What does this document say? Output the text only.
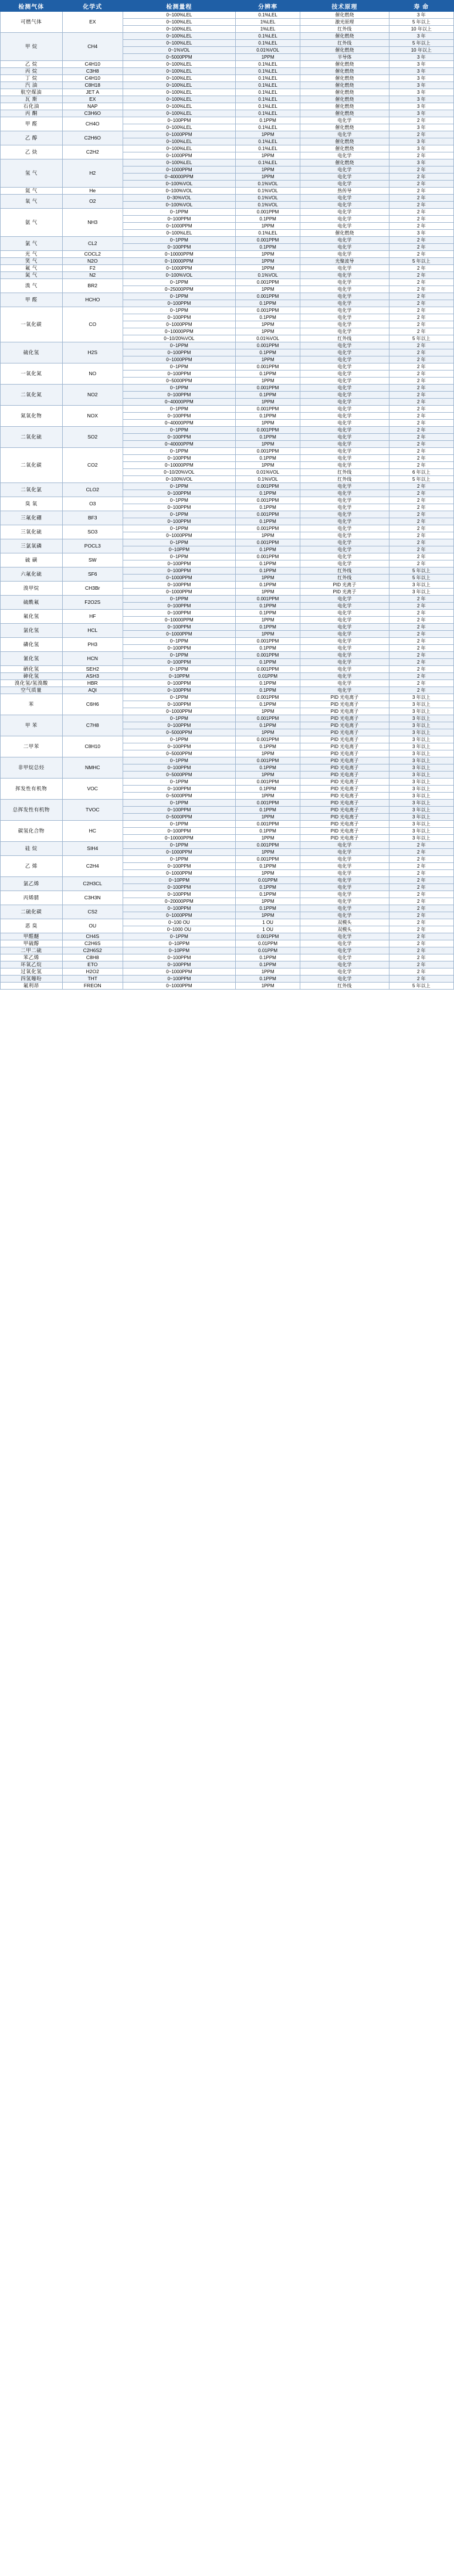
检测气体	化学式	检测量程	分辨率	技术原理	寿 命
可燃气体	EX	0~100%LEL	0.1%LEL	催化燃烧	3 年
		0~100%LEL	1%LEL	激光原理	5 年以上
		0~100%LEL	1%LEL	红外线	10 年以上
甲 烷	CH4	0~100%LEL	0.1%LEL	催化燃烧	3 年
		0~100%LEL	0.1%LEL	红外线	5 年以上
		0~1%VOL	0.01%VOL	催化燃烧	10 年以上
		0~5000PPM	1PPM	半导体	3 年
乙 烷	C4H10	0~100%LEL	0.1%LEL	催化燃烧	3 年
丙 烷	C3H8	0~100%LEL	0.1%LEL	催化燃烧	3 年
丁 烷	C4H10	0~100%LEL	0.1%LEL	催化燃烧	3 年
汽 油	C8H18	0~100%LEL	0.1%LEL	催化燃烧	3 年
航空煤油	JET A	0~100%LEL	0.1%LEL	催化燃烧	3 年
瓦 斯	EX	0~100%LEL	0.1%LEL	催化燃烧	3 年
石化油	NAP	0~100%LEL	0.1%LEL	催化燃烧	3 年
丙 酮	C3H6O	0~100%LEL	0.1%LEL	催化燃烧	3 年
甲 醛	CH4O	0~100PPM	0.1PPM	电化学	2 年
		0~100%LEL	0.1%LEL	催化燃烧	3 年
乙 醇	C2H6O	0~1000PPM	1PPM	电化学	2 年
		0~100%LEL	0.1%LEL	催化燃烧	3 年
乙 炔	C2H2	0~100%LEL	0.1%LEL	催化燃烧	3 年
		0~1000PPM	1PPM	电化学	2 年
氢 气	H2	0~100%LEL	0.1%LEL	催化燃烧	3 年
		0~1000PPM	1PPM	电化学	2 年
		0~40000PPM	1PPM	电化学	2 年
		0~100%VOL	0.1%VOL	电化学	2 年
氦 气	He	0~100%VOL	0.1%VOL	热传导	2 年
氧 气	O2	0~30%VOL	0.1%VOL	电化学	2 年
		0~100%VOL	0.1%VOL	电化学	2 年
氨 气	NH3	0~1PPM	0.001PPM	电化学	2 年
		0~100PPM	0.1PPM	电化学	2 年
		0~1000PPM	1PPM	电化学	2 年
		0~100%LEL	0.1%LEL	催化燃烧	3 年
氯 气	CL2	0~1PPM	0.001PPM	电化学	2 年
		0~100PPM	0.1PPM	电化学	2 年
光 气	COCL2	0~10000PPM	1PPM	电化学	2 年
笑 气	N2O	0~10000PPM	1PPM	光聚波导	5 年以上
氟 气	F2	0~1000PPM	1PPM	电化学	2 年
氮 气	N2	0~100%VOL	0.1%VOL	电化学	2 年
溴 气	BR2	0~1PPM	0.001PPM	电化学	2 年
		0~25000PPM	1PPM	电化学	2 年
甲 醛	HCHO	0~1PPM	0.001PPM	电化学	2 年
		0~100PPM	0.1PPM	电化学	2 年
一氧化碳	CO	0~1PPM	0.001PPM	电化学	2 年
		0~100PPM	0.1PPM	电化学	2 年
		0~1000PPM	1PPM	电化学	2 年
		0~10000PPM	1PPM	电化学	2 年
		0~10/20%VOL	0.01%VOL	红外线	5 年以上
硫化氢	H2S	0~1PPM	0.001PPM	电化学	2 年
		0~100PPM	0.1PPM	电化学	2 年
		0~1000PPM	1PPM	电化学	2 年
一氧化氮	NO	0~1PPM	0.001PPM	电化学	2 年
		0~100PPM	0.1PPM	电化学	2 年
		0~5000PPM	1PPM	电化学	2 年
二氧化氮	NO2	0~1PPM	0.001PPM	电化学	2 年
		0~100PPM	0.1PPM	电化学	2 年
		0~40000PPM	1PPM	电化学	2 年
氮氧化物	NOX	0~1PPM	0.001PPM	电化学	2 年
		0~100PPM	0.1PPM	电化学	2 年
		0~40000PPM	1PPM	电化学	2 年
二氧化硫	SO2	0~1PPM	0.001PPM	电化学	2 年
		0~100PPM	0.1PPM	电化学	2 年
		0~40000PPM	1PPM	电化学	2 年
二氧化碳	CO2	0~1PPM	0.001PPM	电化学	2 年
		0~100PPM	0.1PPM	电化学	2 年
		0~10000PPM	1PPM	电化学	2 年
		0~10/20%VOL	0.01%VOL	红外线	6 年以上
		0~100%VOL	0.1%VOL	红外线	5 年以上
二氧化氯	CLO2	0~1PPM	0.001PPM	电化学	2 年
		0~100PPM	0.1PPM	电化学	2 年
臭 氧	O3	0~1PPM	0.001PPM	电化学	2 年
		0~100PPM	0.1PPM	电化学	2 年
三氟化硼	BF3	0~1PPM	0.001PPM	电化学	2 年
		0~100PPM	0.1PPM	电化学	2 年
三氧化硫	SO3	0~1PPM	0.001PPM	电化学	2 年
		0~1000PPM	1PPM	电化学	2 年
三氯氧磷	POCL3	0~1PPM	0.001PPM	电化学	2 年
		0~10PPM	0.1PPM	电化学	2 年
硫 磺	SW	0~1PPM	0.001PPM	电化学	2 年
		0~100PPM	0.1PPM	电化学	2 年
六氟化硫	SF6	0~100PPM	0.1PPM	红外线	5 年以上
		0~1000PPM	1PPM	红外线	5 年以上
溴甲烷	CH3Br	0~100PPM	0.1PPM	PID 光离子	3 年以上
		0~1000PPM	1PPM	PID 光离子	3 年以上
硫酰氟	F2O2S	0~1PPM	0.001PPM	电化学	2 年
		0~100PPM	0.1PPM	电化学	2 年
氟化氢	HF	0~100PPM	0.1PPM	电化学	2 年
		0~10000PPM	1PPM	电化学	2 年
氯化氢	HCL	0~100PPM	0.1PPM	电化学	2 年
		0~1000PPM	1PPM	电化学	2 年
磷化氢	PH3	0~1PPM	0.001PPM	电化学	2 年
		0~100PPM	0.1PPM	电化学	2 年
氰化氢	HCN	0~1PPM	0.001PPM	电化学	2 年
		0~100PPM	0.1PPM	电化学	2 年
硒化氢	SEH2	0~1PPM	0.001PPM	电化学	2 年
砷化氢	ASH3	0~10PPM	0.01PPM	电化学	2 年
溴化氢/氢溴酸	HBR	0~100PPM	0.1PPM	电化学	2 年
空气质量	AQI	0~100PPM	0.1PPM	电化学	2 年
苯	C6H6	0~1PPM	0.001PPM	PID 光电离子	3 年以上
		0~100PPM	0.1PPM	PID 光电离子	3 年以上
		0~1000PPM	1PPM	PID 光电离子	3 年以上
甲 苯	C7H8	0~1PPM	0.001PPM	PID 光电离子	3 年以上
		0~100PPM	0.1PPM	PID 光电离子	3 年以上
		0~5000PPM	1PPM	PID 光电离子	3 年以上
二甲苯	C8H10	0~1PPM	0.001PPM	PID 光电离子	3 年以上
		0~100PPM	0.1PPM	PID 光电离子	3 年以上
		0~5000PPM	1PPM	PID 光电离子	3 年以上
非甲烷总烃	NMHC	0~1PPM	0.001PPM	PID 光电离子	3 年以上
		0~100PPM	0.1PPM	PID 光电离子	3 年以上
		0~5000PPM	1PPM	PID 光电离子	3 年以上
挥发性有机物	VOC	0~1PPM	0.001PPM	PID 光电离子	3 年以上
		0~100PPM	0.1PPM	PID 光电离子	3 年以上
		0~5000PPM	1PPM	PID 光电离子	3 年以上
总挥发性有机物	TVOC	0~1PPM	0.001PPM	PID 光电离子	3 年以上
		0~100PPM	0.1PPM	PID 光电离子	3 年以上
		0~5000PPM	1PPM	PID 光电离子	3 年以上
碳氢化合物	HC	0~1PPM	0.001PPM	PID 光电离子	3 年以上
		0~100PPM	0.1PPM	PID 光电离子	3 年以上
		0~10000PPM	1PPM	PID 光电离子	3 年以上
硅 烷	SIH4	0~1PPM	0.001PPM	电化学	2 年
		0~1000PPM	1PPM	电化学	2 年
乙 烯	C2H4	0~1PPM	0.001PPM	电化学	2 年
		0~100PPM	0.1PPM	电化学	2 年
		0~1000PPM	1PPM	电化学	2 年
氯乙烯	C2H3CL	0~10PPM	0.01PPM	电化学	2 年
		0~100PPM	0.1PPM	电化学	2 年
丙烯腈	C3H3N	0~100PPM	0.1PPM	电化学	2 年
		0~20000PPM	1PPM	电化学	2 年
二硫化碳	CS2	0~100PPM	0.1PPM	电化学	2 年
		0~1000PPM	1PPM	电化学	2 年
恶 臭	OU	0~100 OU	1 OU	双模头	2 年
		0~1000 OU	1 OU	双模头	2 年
甲醛醚	CH4S	0~1PPM	0.001PPM	电化学	2 年
甲硫醇	C2H6S	0~10PPM	0.01PPM	电化学	2 年
二甲二硫	C2H6S2	0~10PPM	0.01PPM	电化学	2 年
苯乙烯	C8H8	0~100PPM	0.1PPM	电化学	2 年
环氧乙烷	ETO	0~100PPM	0.1PPM	电化学	2 年
过氧化氢	H2O2	0~1000PPM	1PPM	电化学	2 年
四氢噻吩	THT	0~100PPM	0.1PPM	电化学	2 年
氟利昂	FREON	0~1000PPM	1PPM	红外线	5 年以上
